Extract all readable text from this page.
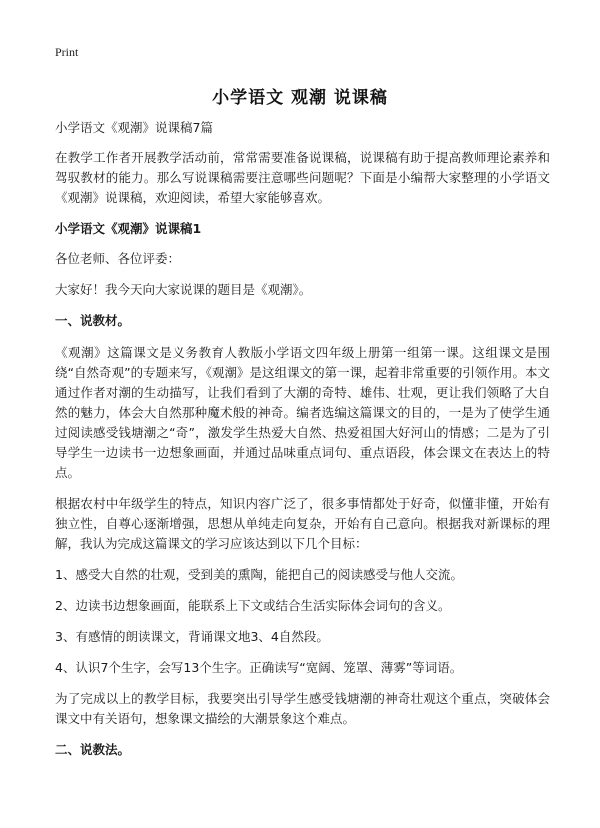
Print
小学语文 观潮 说课稿

小学语文《观潮》说课稿7篇

在教学工作者开展教学活动前，常常需要准备说课稿，说课稿有助于提高教师理论素养和驾驭教材的能力。那么写说课稿需要注意哪些问题呢？下面是小编帮大家整理的小学语文《观潮》说课稿，欢迎阅读，希望大家能够喜欢。

小学语文《观潮》说课稿1

各位老师、各位评委：

大家好！我今天向大家说课的题目是《观潮》。

一、说教材。

《观潮》这篇课文是义务教育人教版小学语文四年级上册第一组第一课。这组课文是围绕“自然奇观”的专题来写，《观潮》是这组课文的第一课，起着非常重要的引领作用。本文通过作者对潮的生动描写，让我们看到了大潮的奇特、雄伟、壮观，更让我们领略了大自然的魅力，体会大自然那种魔术般的神奇。编者选编这篇课文的目的，一是为了使学生通过阅读感受钱塘潮之“奇”，激发学生热爱大自然、热爱祖国大好河山的情感；二是为了引导学生一边读书一边想象画面，并通过品味重点词句、重点语段，体会课文在表达上的特点。

根据农村中年级学生的特点，知识内容广泛了，很多事情都处于好奇，似懂非懂，开始有独立性，自尊心逐渐增强，思想从单纯走向复杂，开始有自己意向。根据我对新课标的理解，我认为完成这篇课文的学习应该达到以下几个目标：

1、感受大自然的壮观，受到美的熏陶，能把自己的阅读感受与他人交流。

2、边读书边想象画面，能联系上下文或结合生活实际体会词句的含义。

3、有感情的朗读课文，背诵课文地3、4自然段。

4、认识7个生字，会写13个生字。正确读写“宽阔、笼罩、薄雾”等词语。

为了完成以上的教学目标，我要突出引导学生感受钱塘潮的神奇壮观这个重点，突破体会课文中有关语句，想象课文描绘的大潮景象这个难点。

二、说教法。
